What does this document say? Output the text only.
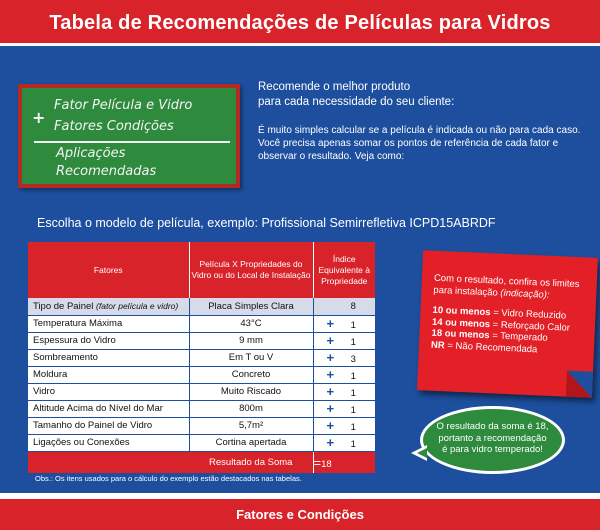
Tabela de Recomendações de Películas para Vidros
+
Fator Película e Vidro
Fatores Condições
Aplicações
Recomendadas
Recomende o melhor produto
para cada necessidade do seu cliente:
É muito simples calcular se a película é indicada ou não para cada caso. Você precisa apenas somar os pontos de referência de cada fator e observar o resultado. Veja como:
Escolha o modelo de película, exemplo: Profissional Semirrefletiva ICPD15ABRDF
Fatores	Película X Propriedades do Vidro ou do Local de Instalação	Índice Equivalente à Propriedade
Tipo de Painel (fator película e vidro)	Placa Simples Clara	8
Temperatura Máxima	43°C	+ 1
Espessura do Vidro	9 mm	+ 1
Sombreamento	Em T ou V	+ 3
Moldura	Concreto	+ 1
Vidro	Muito Riscado	+ 1
Altitude Acima do Nível do Mar	800m	+ 1
Tamanho do Painel de Vidro	5,7m²	+ 1
Ligações ou Conexões	Cortina apertada	+ 1
	Resultado da Soma	=18
Obs.: Os itens usados para o cálculo do exemplo estão destacados nas tabelas.
Com o resultado, confira os limites para instalação (indicação):
10 ou menos = Vidro Reduzido
14 ou menos = Reforçado Calor
18 ou menos = Temperado
NR = Não Recomendada
O resultado da soma é 18,
portanto a recomendação
é para vidro temperado!
Fatores e Condições
